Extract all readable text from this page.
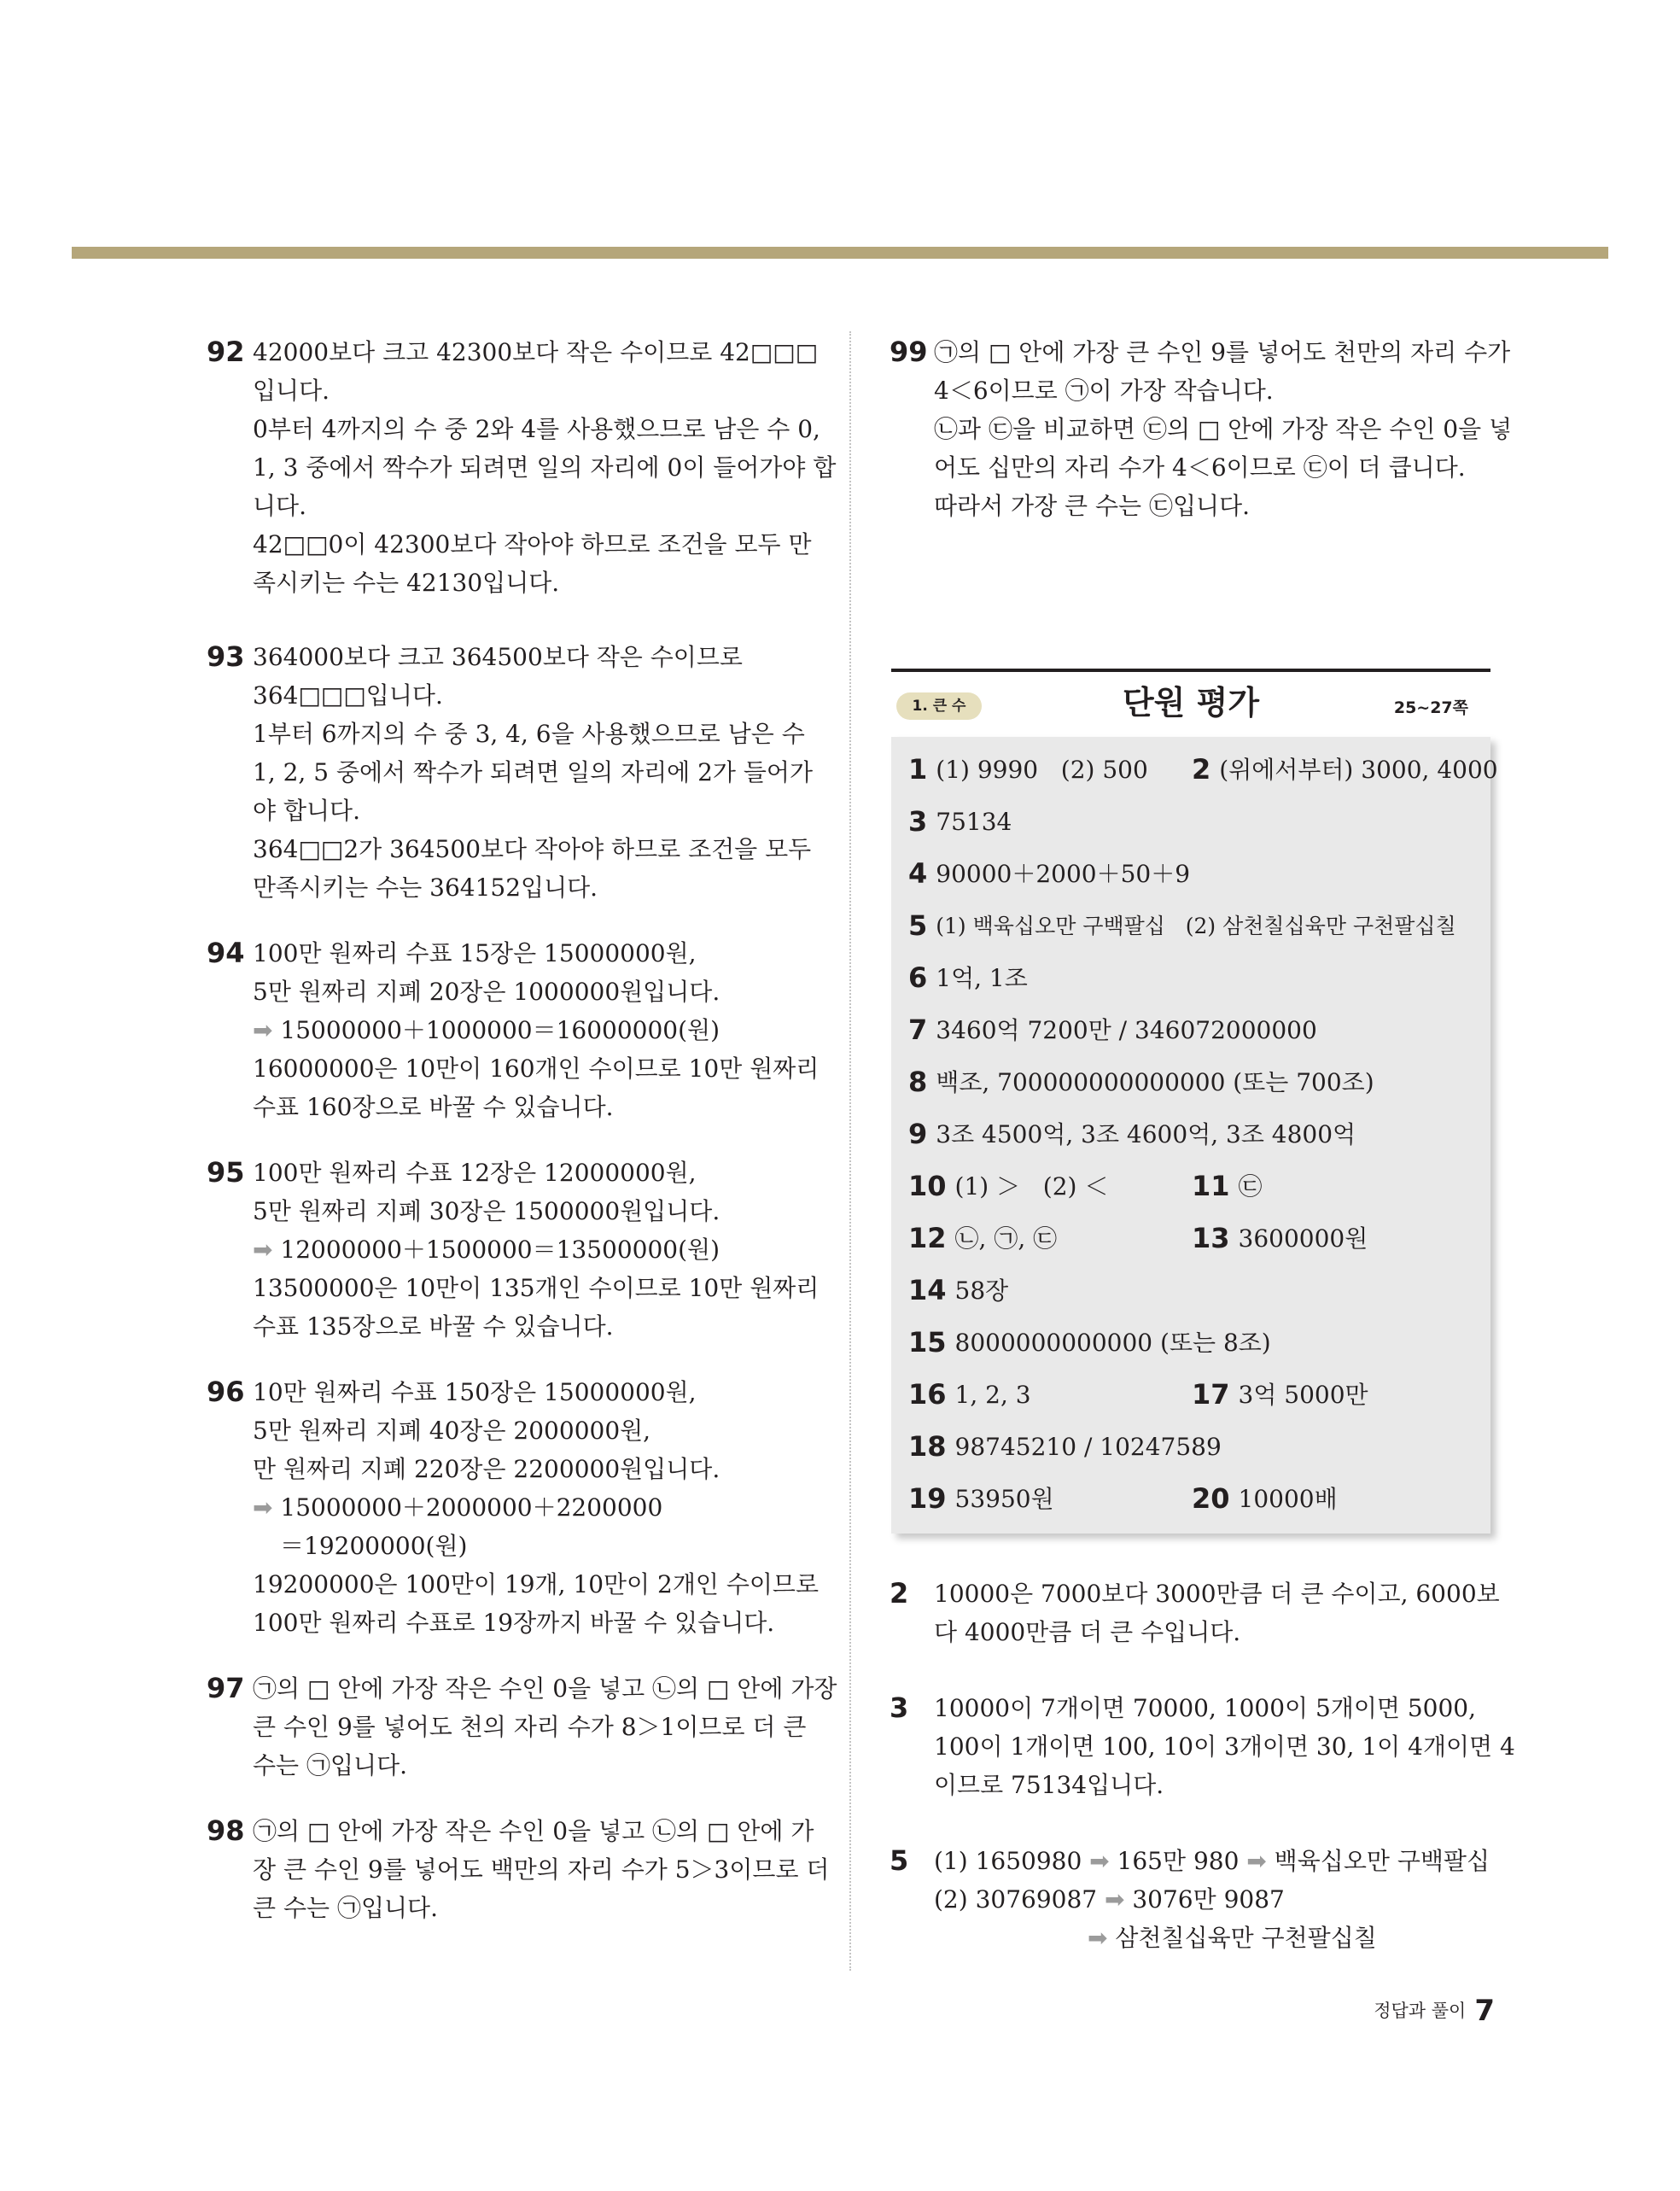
92 42000보다 크고 42300보다 작은 수이므로 42□□□
입니다.
0부터 4까지의 수 중 2와 4를 사용했으므로 남은 수 0,
1, 3 중에서 짝수가 되려면 일의 자리에 0이 들어가야 합
니다.
42□□0이 42300보다 작아야 하므로 조건을 모두 만
족시키는 수는 42130입니다.
93 364000보다 크고 364500보다 작은 수이므로
364□□□입니다.
1부터 6까지의 수 중 3, 4, 6을 사용했으므로 남은 수
1, 2, 5 중에서 짝수가 되려면 일의 자리에 2가 들어가
야 합니다.
364□□2가 364500보다 작아야 하므로 조건을 모두
만족시키는 수는 364152입니다.
94 100만 원짜리 수표 15장은 15000000원,
5만 원짜리 지폐 20장은 1000000원입니다.
➡ 15000000＋1000000＝16000000(원)
16000000은 10만이 160개인 수이므로 10만 원짜리
수표 160장으로 바꿀 수 있습니다.
95 100만 원짜리 수표 12장은 12000000원,
5만 원짜리 지폐 30장은 1500000원입니다.
➡ 12000000＋1500000＝13500000(원)
13500000은 10만이 135개인 수이므로 10만 원짜리
수표 135장으로 바꿀 수 있습니다.
96 10만 원짜리 수표 150장은 15000000원,
5만 원짜리 지폐 40장은 2000000원,
만 원짜리 지폐 220장은 2200000원입니다.
➡ 15000000＋2000000＋2200000
＝19200000(원)
19200000은 100만이 19개, 10만이 2개인 수이므로
100만 원짜리 수표로 19장까지 바꿀 수 있습니다.
97 ㉠의 □ 안에 가장 작은 수인 0을 넣고 ㉡의 □ 안에 가장
큰 수인 9를 넣어도 천의 자리 수가 8＞1이므로 더 큰
수는 ㉠입니다.
98 ㉠의 □ 안에 가장 작은 수인 0을 넣고 ㉡의 □ 안에 가
장 큰 수인 9를 넣어도 백만의 자리 수가 5＞3이므로 더
큰 수는 ㉠입니다.
99 ㉠의 □ 안에 가장 큰 수인 9를 넣어도 천만의 자리 수가
4＜6이므로 ㉠이 가장 작습니다.
㉡과 ㉢을 비교하면 ㉢의 □ 안에 가장 작은 수인 0을 넣
어도 십만의 자리 수가 4＜6이므로 ㉢이 더 큽니다.
따라서 가장 큰 수는 ㉢입니다.
1. 큰 수	단원 평가	25~27쪽
1 (1) 9990   (2) 500 2 (위에서부터) 3000, 4000
3 75134
4 90000＋2000＋50＋9
5 (1) 백육십오만 구백팔십   (2) 삼천칠십육만 구천팔십칠
6 1억, 1조
7 3460억 7200만 / 346072000000
8 백조, 700000000000000 (또는 700조)
9 3조 4500억, 3조 4600억, 3조 4800억
10 (1) ＞   (2) ＜	11 ㉢
12 ㉡, ㉠, ㉢	13 3600000원
14 58장
15 8000000000000 (또는 8조)
16 1, 2, 3	17 3억 5000만
18 98745210 / 10247589
19 53950원	20 10000배
2	10000은 7000보다 3000만큼 더 큰 수이고, 6000보
다 4000만큼 더 큰 수입니다.
3	10000이 7개이면 70000, 1000이 5개이면 5000,
100이 1개이면 100, 10이 3개이면 30, 1이 4개이면 4
이므로 75134입니다.
5	(1) 1650980 ➡ 165만 980 ➡ 백육십오만 구백팔십
(2) 30769087 ➡ 3076만 9087
➡ 삼천칠십육만 구천팔십칠
정답과 풀이 7
